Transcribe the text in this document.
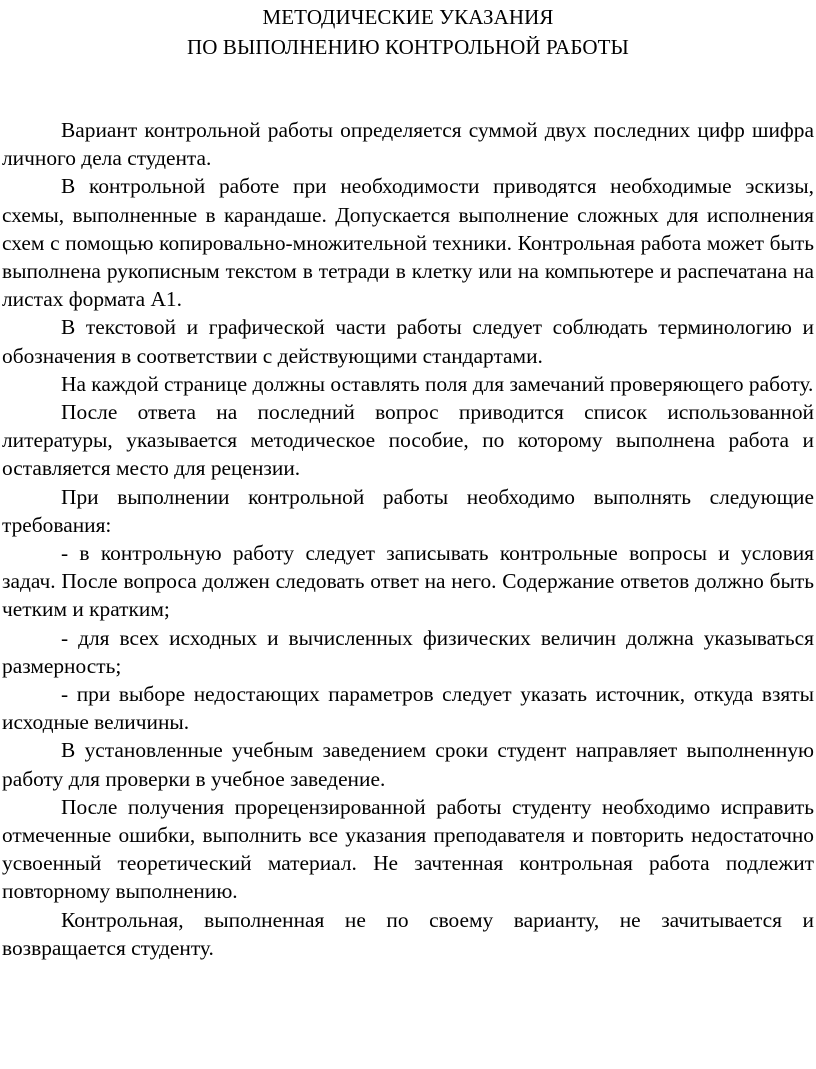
МЕТОДИЧЕСКИЕ УКАЗАНИЯ
ПО ВЫПОЛНЕНИЮ КОНТРОЛЬНОЙ РАБОТЫ

Вариант контрольной работы определяется суммой двух последних цифр шифра личного дела студента.

В контрольной работе при необходимости приводятся необходимые эскизы, схемы, выполненные в карандаше. Допускается выполнение сложных для исполнения схем с помощью копировально-множительной техники. Контрольная работа может быть выполнена рукописным текстом в тетради в клетку или на компьютере и распечатана на листах формата А1.

В текстовой и графической части работы следует соблюдать терминологию и обозначения в соответствии с действующими стандартами.

На каждой странице должны оставлять поля для замечаний проверяющего работу.

После ответа на последний вопрос приводится список использованной литературы, указывается методическое пособие, по которому выполнена работа и оставляется место для рецензии.

При выполнении контрольной работы необходимо выполнять следующие требования:

- в контрольную работу следует записывать контрольные вопросы и условия задач. После вопроса должен следовать ответ на него. Содержание ответов должно быть четким и кратким;

- для всех исходных и вычисленных физических величин должна указываться размерность;

- при выборе недостающих параметров следует указать источник, откуда взяты исходные величины.

В установленные учебным заведением сроки студент направляет выполненную работу для проверки в учебное заведение.

После получения прорецензированной работы студенту необходимо исправить отмеченные ошибки, выполнить все указания преподавателя и повторить недостаточно усвоенный теоретический материал. Не зачтенная контрольная работа подлежит повторному выполнению.

Контрольная, выполненная не по своему варианту, не зачитывается и возвращается студенту.
